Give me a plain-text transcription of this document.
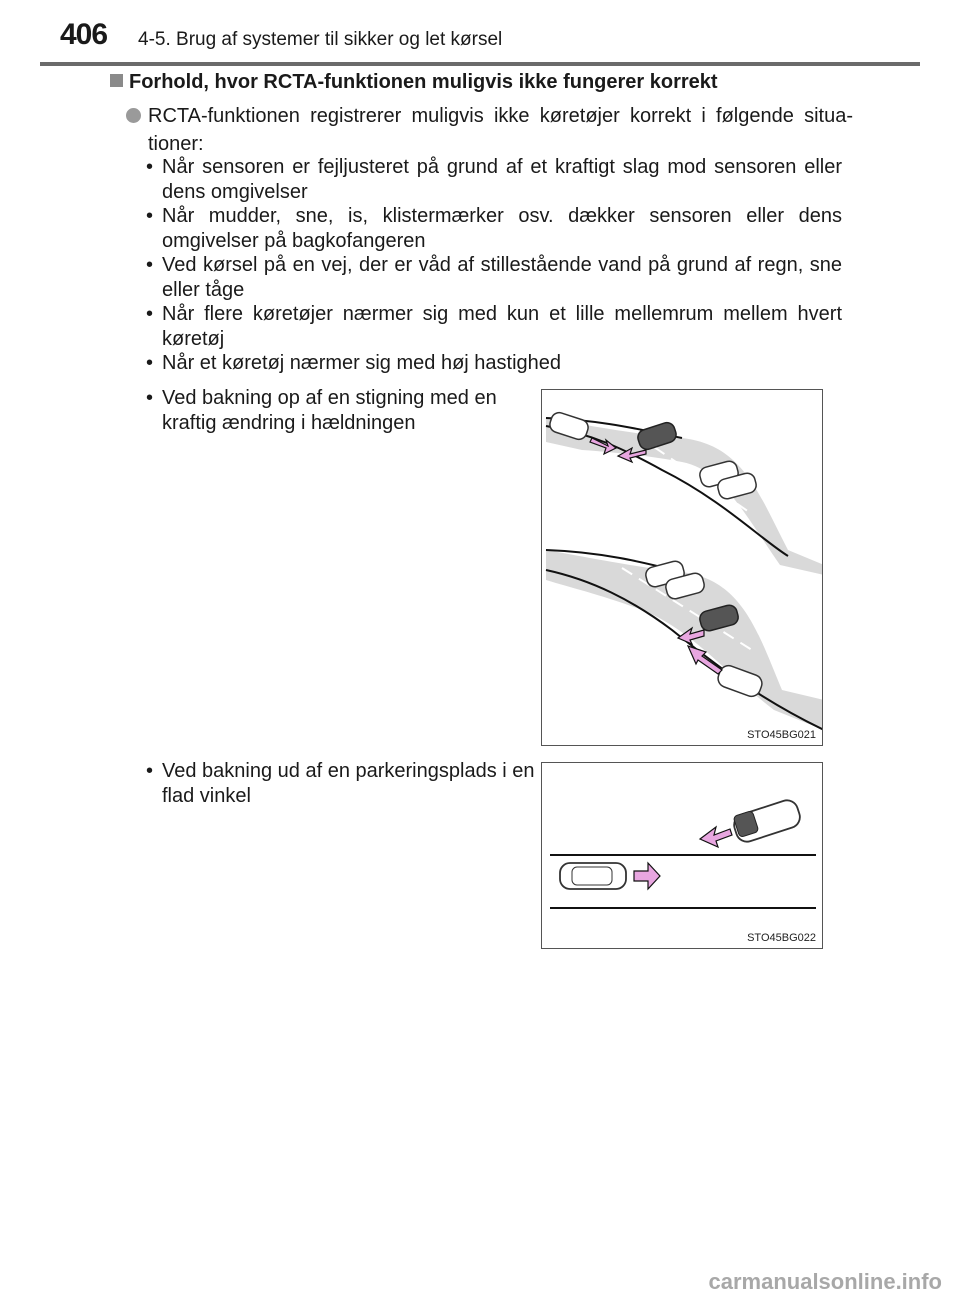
406 4-5. Brug af systemer til sikker og let kørsel
Forhold, hvor RCTA-funktionen muligvis ikke fungerer korrekt
RCTA-funktionen registrerer muligvis ikke køretøjer korrekt i følgende situa-tioner:
• Når sensoren er fejljusteret på grund af et kraftigt slag mod sensoren eller dens omgivelser
• Når mudder, sne, is, klistermærker osv. dækker sensoren eller dens omgivelser på bagkofangeren
• Ved kørsel på en vej, der er våd af stillestående vand på grund af regn, sne eller tåge
• Når flere køretøjer nærmer sig med kun et lille mellemrum mellem hvert køretøj
• Når et køretøj nærmer sig med høj hastighed
• Ved bakning op af en stigning med en kraftig ændring i hældningen
STO45BG021
• Ved bakning ud af en parkeringsplads i en flad vinkel
STO45BG022
carmanualsonline.info
